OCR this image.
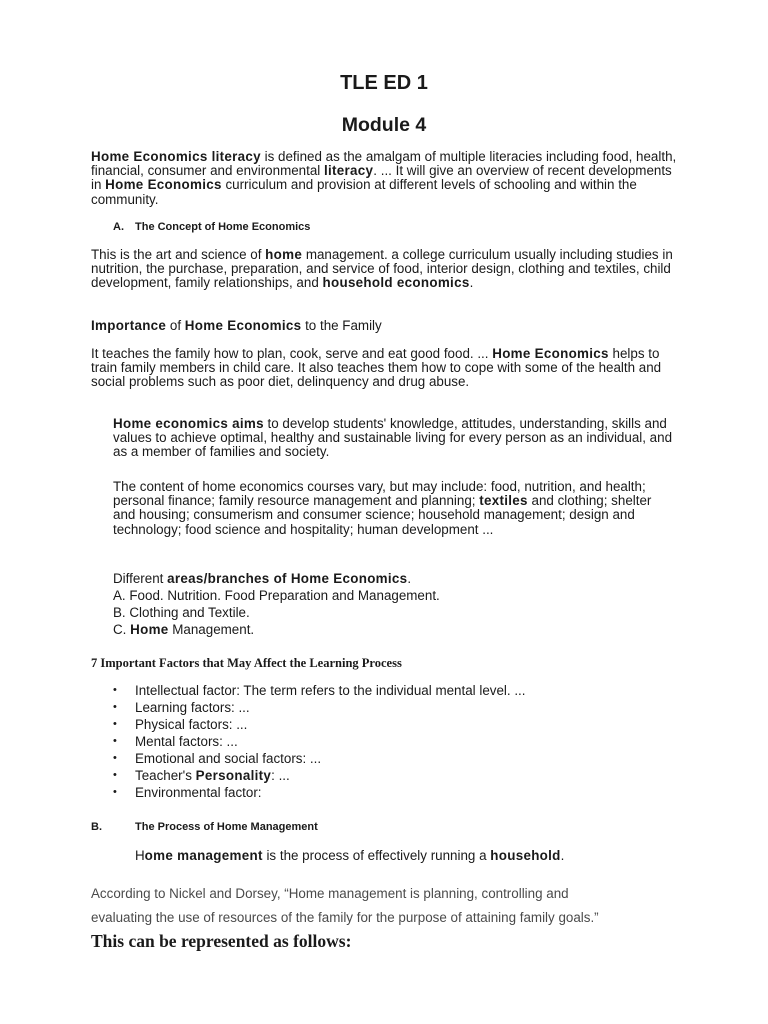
TLE ED 1
Module 4
Home Economics literacy is defined as the amalgam of multiple literacies including food, health, financial, consumer and environmental literacy. ... It will give an overview of recent developments in Home Economics curriculum and provision at different levels of schooling and within the community.
A. The Concept of Home Economics
This is the art and science of home management. a college curriculum usually including studies in nutrition, the purchase, preparation, and service of food, interior design, clothing and textiles, child development, family relationships, and household economics.
Importance of Home Economics to the Family
It teaches the family how to plan, cook, serve and eat good food. ... Home Economics helps to train family members in child care. It also teaches them how to cope with some of the health and social problems such as poor diet, delinquency and drug abuse.
Home economics aims to develop students' knowledge, attitudes, understanding, skills and values to achieve optimal, healthy and sustainable living for every person as an individual, and as a member of families and society.
The content of home economics courses vary, but may include: food, nutrition, and health; personal finance; family resource management and planning; textiles and clothing; shelter and housing; consumerism and consumer science; household management; design and technology; food science and hospitality; human development ...
Different areas/branches of Home Economics.
A. Food. Nutrition. Food Preparation and Management.
B. Clothing and Textile.
C. Home Management.
7 Important Factors that May Affect the Learning Process
• Intellectual factor: The term refers to the individual mental level. ...
• Learning factors: ...
• Physical factors: ...
• Mental factors: ...
• Emotional and social factors: ...
• Teacher's Personality: ...
• Environmental factor:
B.	The Process of Home Management
Home management is the process of effectively running a household.
According to Nickel and Dorsey, “Home management is planning, controlling and
evaluating the use of resources of the family for the purpose of attaining family goals.”
This can be represented as follows:
